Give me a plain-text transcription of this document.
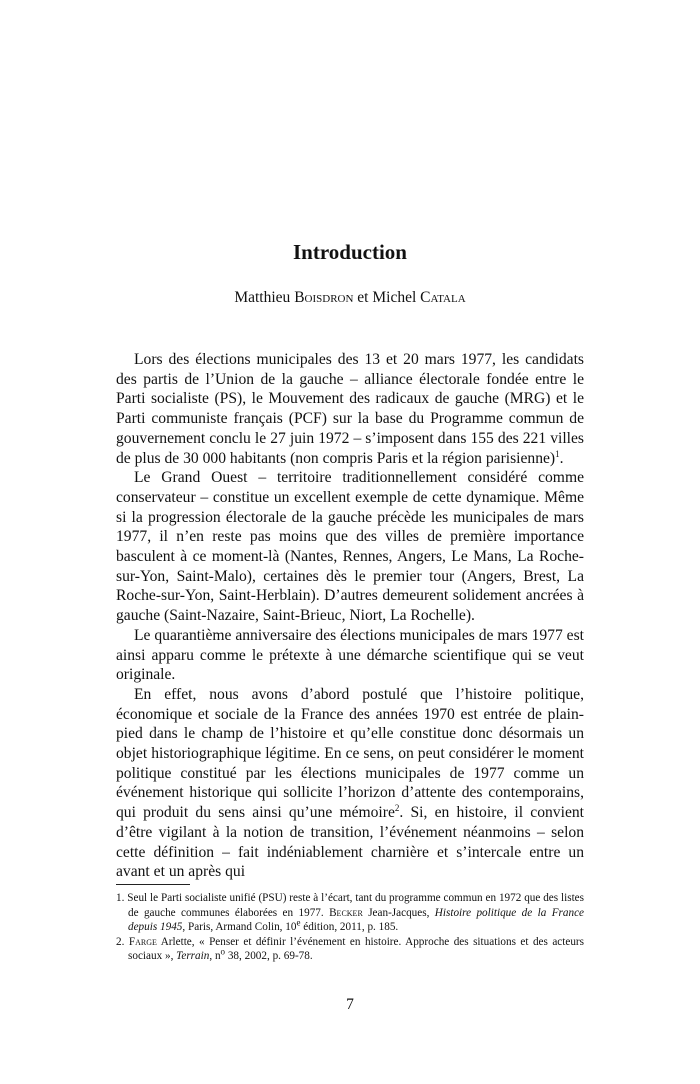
Introduction

Matthieu Boisdron et Michel Catala

Lors des élections municipales des 13 et 20 mars 1977, les candidats des partis de l’Union de la gauche – alliance électorale fondée entre le Parti socialiste (PS), le Mouvement des radicaux de gauche (MRG) et le Parti communiste français (PCF) sur la base du Programme commun de gouvernement conclu le 27 juin 1972 – s’imposent dans 155 des 221 villes de plus de 30 000 habitants (non compris Paris et la région parisienne)$^1$.

Le Grand Ouest – territoire traditionnellement considéré comme conservateur – constitue un excellent exemple de cette dynamique. Même si la progression électorale de la gauche précède les municipales de mars 1977, il n’en reste pas moins que des villes de première importance basculent à ce moment-là (Nantes, Rennes, Angers, Le Mans, La Roche-sur-Yon, Saint-Malo), certaines dès le premier tour (Angers, Brest, La Roche-sur-Yon, Saint-Herblain). D’autres demeurent solidement ancrées à gauche (Saint-Nazaire, Saint-Brieuc, Niort, La Rochelle).

Le quarantième anniversaire des élections municipales de mars 1977 est ainsi apparu comme le prétexte à une démarche scientifique qui se veut originale.

En effet, nous avons d’abord postulé que l’histoire politique, économique et sociale de la France des années 1970 est entrée de plain-pied dans le champ de l’histoire et qu’elle constitue donc désormais un objet historiographique légitime. En ce sens, on peut considérer le moment politique constitué par les élections municipales de 1977 comme un événement historique qui sollicite l’horizon d’attente des contemporains, qui produit du sens ainsi qu’une mémoire$^2$. Si, en histoire, il convient d’être vigilant à la notion de transition, l’événement néanmoins – selon cette définition – fait indéniablement charnière et s’intercale entre un avant et un après qui

1. Seul le Parti socialiste unifié (PSU) reste à l’écart, tant du programme commun en 1972 que des listes de gauche communes élaborées en 1977. Becker Jean-Jacques, Histoire politique de la France depuis 1945, Paris, Armand Colin, 10e édition, 2011, p. 185.

2. Farge Arlette, « Penser et définir l’événement en histoire. Approche des situations et des acteurs sociaux », Terrain, $n^o$ 38, 2002, p. 69-78.

7
